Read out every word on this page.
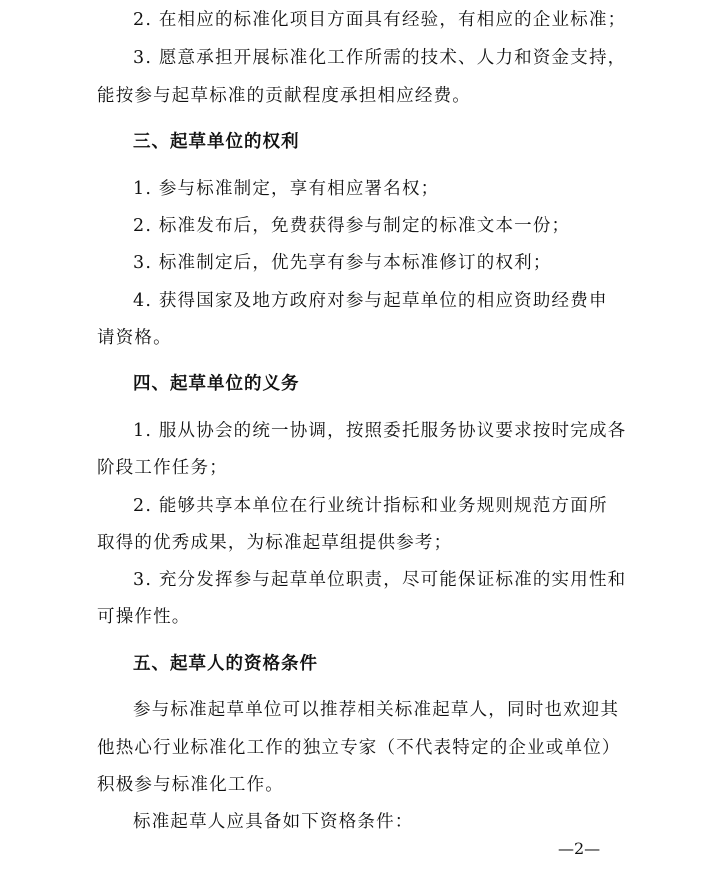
2. 在相应的标准化项目方面具有经验，有相应的企业标准；
3. 愿意承担开展标准化工作所需的技术、人力和资金支持，
能按参与起草标准的贡献程度承担相应经费。
三、起草单位的权利
1. 参与标准制定，享有相应署名权；
2. 标准发布后，免费获得参与制定的标准文本一份；
3. 标准制定后，优先享有参与本标准修订的权利；
4. 获得国家及地方政府对参与起草单位的相应资助经费申
请资格。
四、起草单位的义务
1. 服从协会的统一协调，按照委托服务协议要求按时完成各
阶段工作任务；
2. 能够共享本单位在行业统计指标和业务规则规范方面所
取得的优秀成果，为标准起草组提供参考；
3. 充分发挥参与起草单位职责，尽可能保证标准的实用性和
可操作性。
五、起草人的资格条件
参与标准起草单位可以推荐相关标准起草人，同时也欢迎其
他热心行业标准化工作的独立专家（不代表特定的企业或单位）
积极参与标准化工作。
标准起草人应具备如下资格条件：
—2—
